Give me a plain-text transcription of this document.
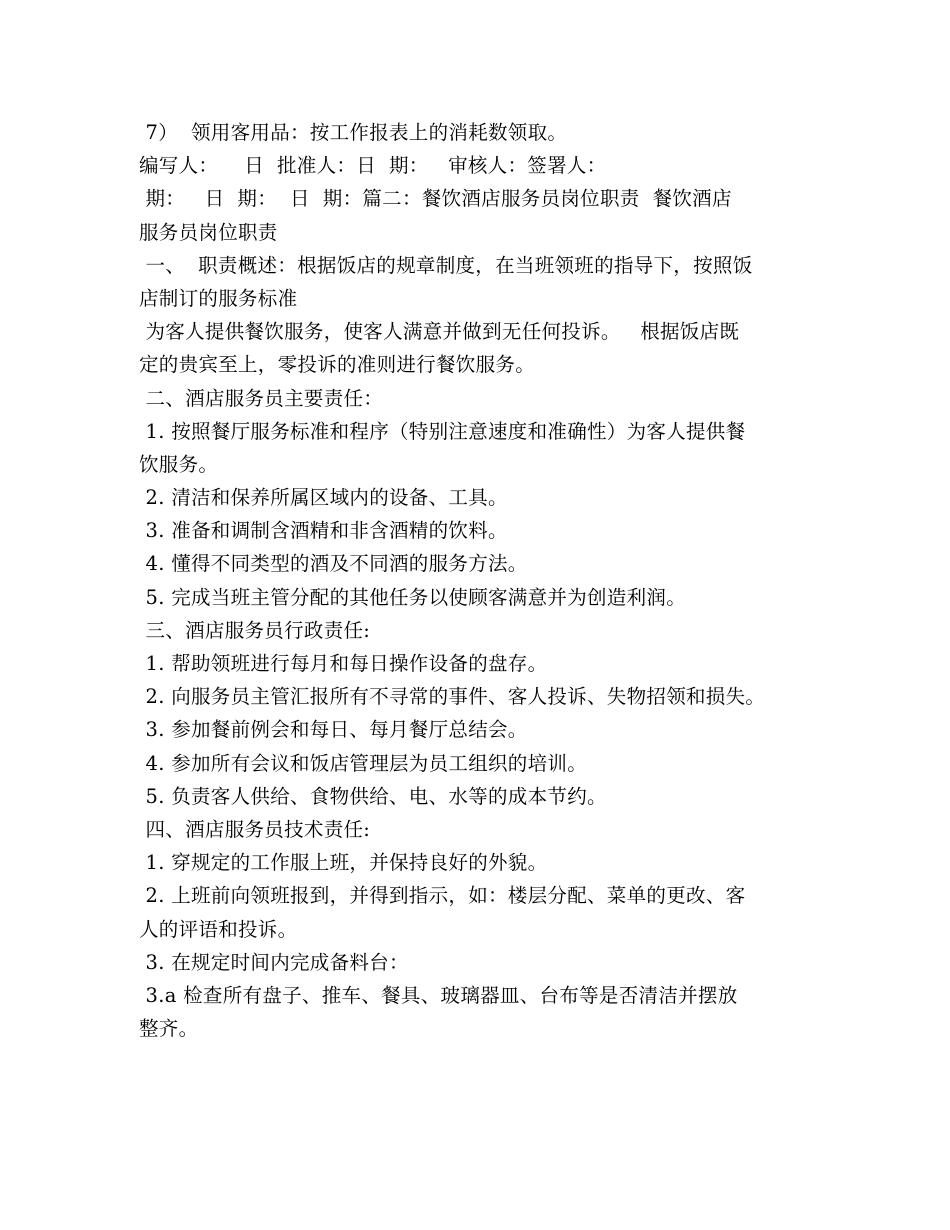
7）  领用客用品：按工作报表上的消耗数领取。
编写人：    日  批准人：日  期：   审核人：签署人：
期：   日  期：  日  期：篇二：餐饮酒店服务员岗位职责  餐饮酒店
服务员岗位职责
一、  职责概述：根据饭店的规章制度，在当班领班的指导下，按照饭
店制订的服务标准
为客人提供餐饮服务，使客人满意并做到无任何投诉。   根据饭店既
定的贵宾至上，零投诉的准则进行餐饮服务。
二、酒店服务员主要责任：
1. 按照餐厅服务标准和程序（特别注意速度和准确性）为客人提供餐
饮服务。
2. 清洁和保养所属区域内的设备、工具。
3. 准备和调制含酒精和非含酒精的饮料。
4. 懂得不同类型的酒及不同酒的服务方法。
5. 完成当班主管分配的其他任务以使顾客满意并为创造利润。
三、酒店服务员行政责任:
1. 帮助领班进行每月和每日操作设备的盘存。
2. 向服务员主管汇报所有不寻常的事件、客人投诉、失物招领和损失。
3. 参加餐前例会和每日、每月餐厅总结会。
4. 参加所有会议和饭店管理层为员工组织的培训。
5. 负责客人供给、食物供给、电、水等的成本节约。
四、酒店服务员技术责任:
1. 穿规定的工作服上班，并保持良好的外貌。
2. 上班前向领班报到，并得到指示，如：楼层分配、菜单的更改、客
人的评语和投诉。
3. 在规定时间内完成备料台：
3.a 检查所有盘子、推车、餐具、玻璃器皿、台布等是否清洁并摆放
整齐。
